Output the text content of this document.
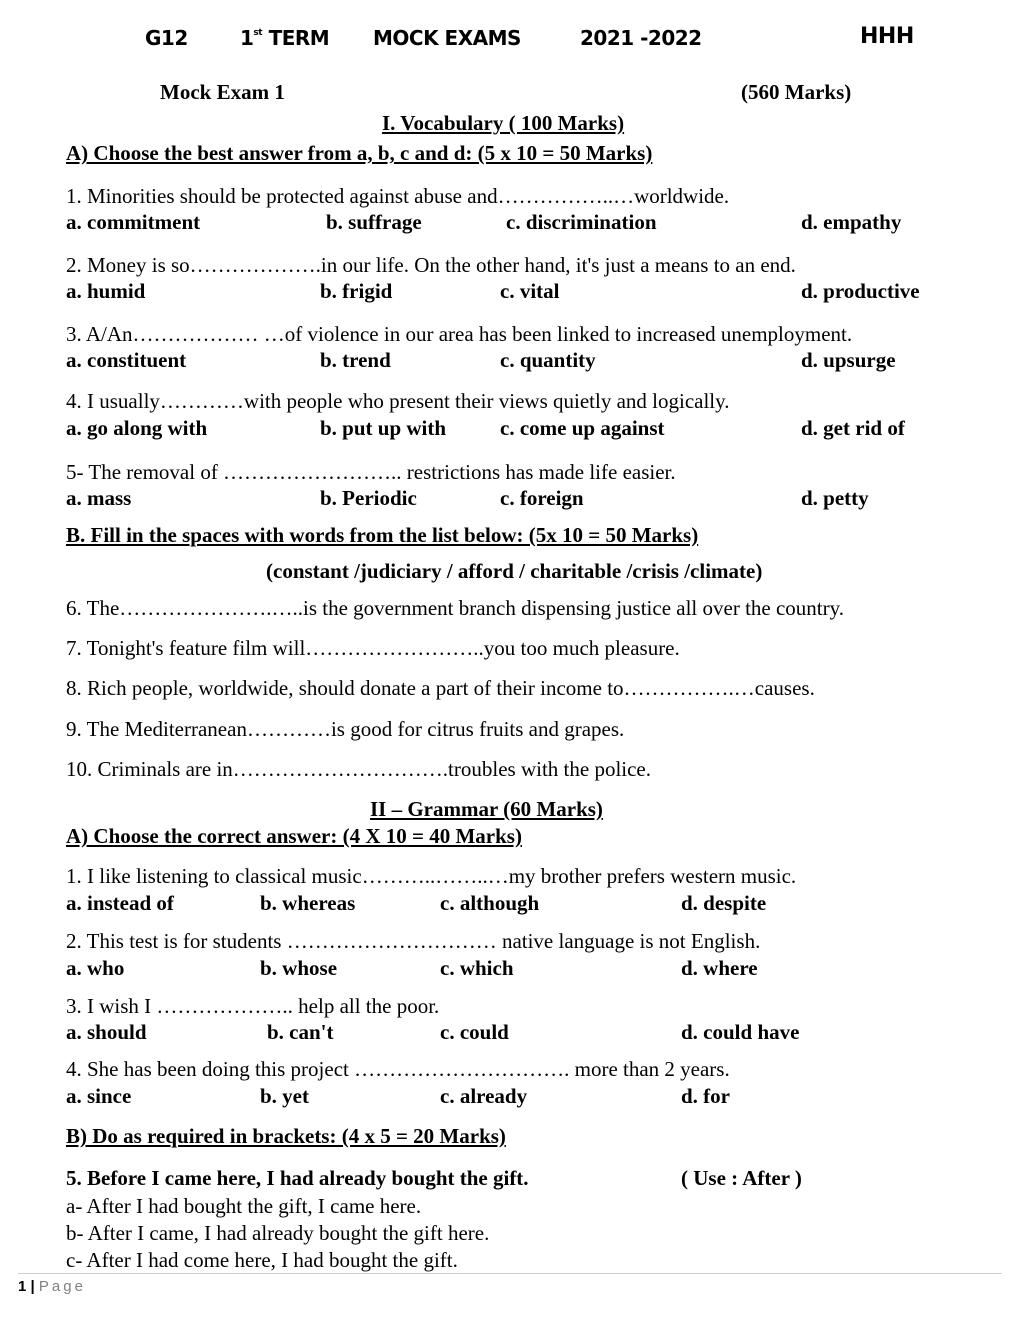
G12	1st TERM MOCK EXAMS	2021 -2022	HHH
Mock Exam 1	(560 Marks)
I. Vocabulary ( 100 Marks)
A) Choose the best answer from a, b, c and d: (5 x 10 = 50 Marks)
1. Minorities should be protected against abuse and……………..…worldwide.
a. commitment	b. suffrage	c. discrimination	d. empathy
2. Money is so……………….in our life. On the other hand, it's just a means to an end.
a. humid	b. frigid	c. vital	d. productive
3. A/An……………… …of violence in our area has been linked to increased unemployment.
a. constituent	b. trend	c. quantity	d. upsurge
4. I usually…………with people who present their views quietly and logically.
a. go along with	b. put up with	c. come up against	d. get rid of
5- The removal of …………………….. restrictions has made life easier.
a. mass	b. Periodic	c. foreign	d. petty
B. Fill in the spaces with words from the list below: (5x 10 = 50 Marks)
(constant /judiciary / afford / charitable /crisis /climate)
6. The………………….…..is the government branch dispensing justice all over the country.
7. Tonight's feature film will……………………..you too much pleasure.
8. Rich people, worldwide, should donate a part of their income to…………….…causes.
9. The Mediterranean…………is good for citrus fruits and grapes.
10. Criminals are in………………………….troubles with the police.
II – Grammar (60 Marks)
A) Choose the correct answer: (4 X 10 = 40 Marks)
1. I like listening to classical music………..……..…my brother prefers western music.
a. instead of	b. whereas	c. although	d. despite
2. This test is for students ………………………… native language is not English.
a. who	b. whose	c. which	d. where
3. I wish I ……………….. help all the poor.
a. should	b. can't	c. could	d. could have
4. She has been doing this project …………………………. more than 2 years.
a. since	b. yet	c. already	d. for
B) Do as required in brackets: (4 x 5 = 20 Marks)
5. Before I came here, I had already bought the gift.	( Use : After )
a- After I had bought the gift, I came here.
b- After I came, I had already bought the gift here.
c- After I had come here, I had bought the gift.
1 | Page
